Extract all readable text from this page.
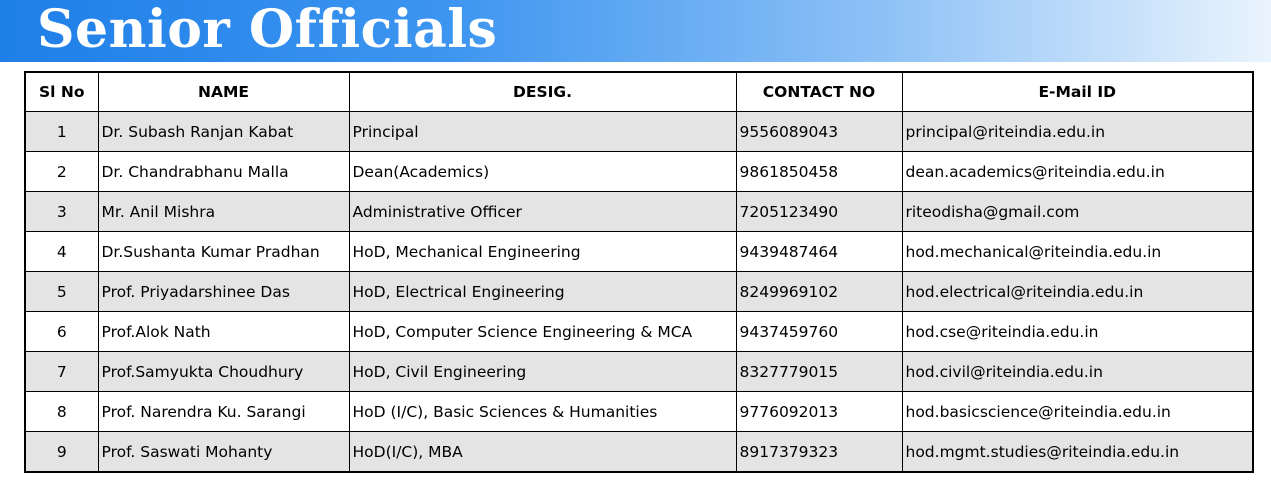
Senior Officials
Sl No	NAME	DESIG.	CONTACT NO	E-Mail ID
1	Dr. Subash Ranjan Kabat	Principal	9556089043	principal@riteindia.edu.in
2	Dr. Chandrabhanu Malla	Dean(Academics)	9861850458	dean.academics@riteindia.edu.in
3	Mr. Anil Mishra	Administrative Officer	7205123490	riteodisha@gmail.com
4	Dr.Sushanta Kumar Pradhan	HoD, Mechanical Engineering	9439487464	hod.mechanical@riteindia.edu.in
5	Prof. Priyadarshinee Das	HoD, Electrical Engineering	8249969102	hod.electrical@riteindia.edu.in
6	Prof.Alok Nath	HoD, Computer Science Engineering & MCA	9437459760	hod.cse@riteindia.edu.in
7	Prof.Samyukta Choudhury	HoD, Civil Engineering	8327779015	hod.civil@riteindia.edu.in
8	Prof. Narendra Ku. Sarangi	HoD (I/C), Basic Sciences & Humanities	9776092013	hod.basicscience@riteindia.edu.in
9	Prof. Saswati Mohanty	HoD(I/C), MBA	8917379323	hod.mgmt.studies@riteindia.edu.in
